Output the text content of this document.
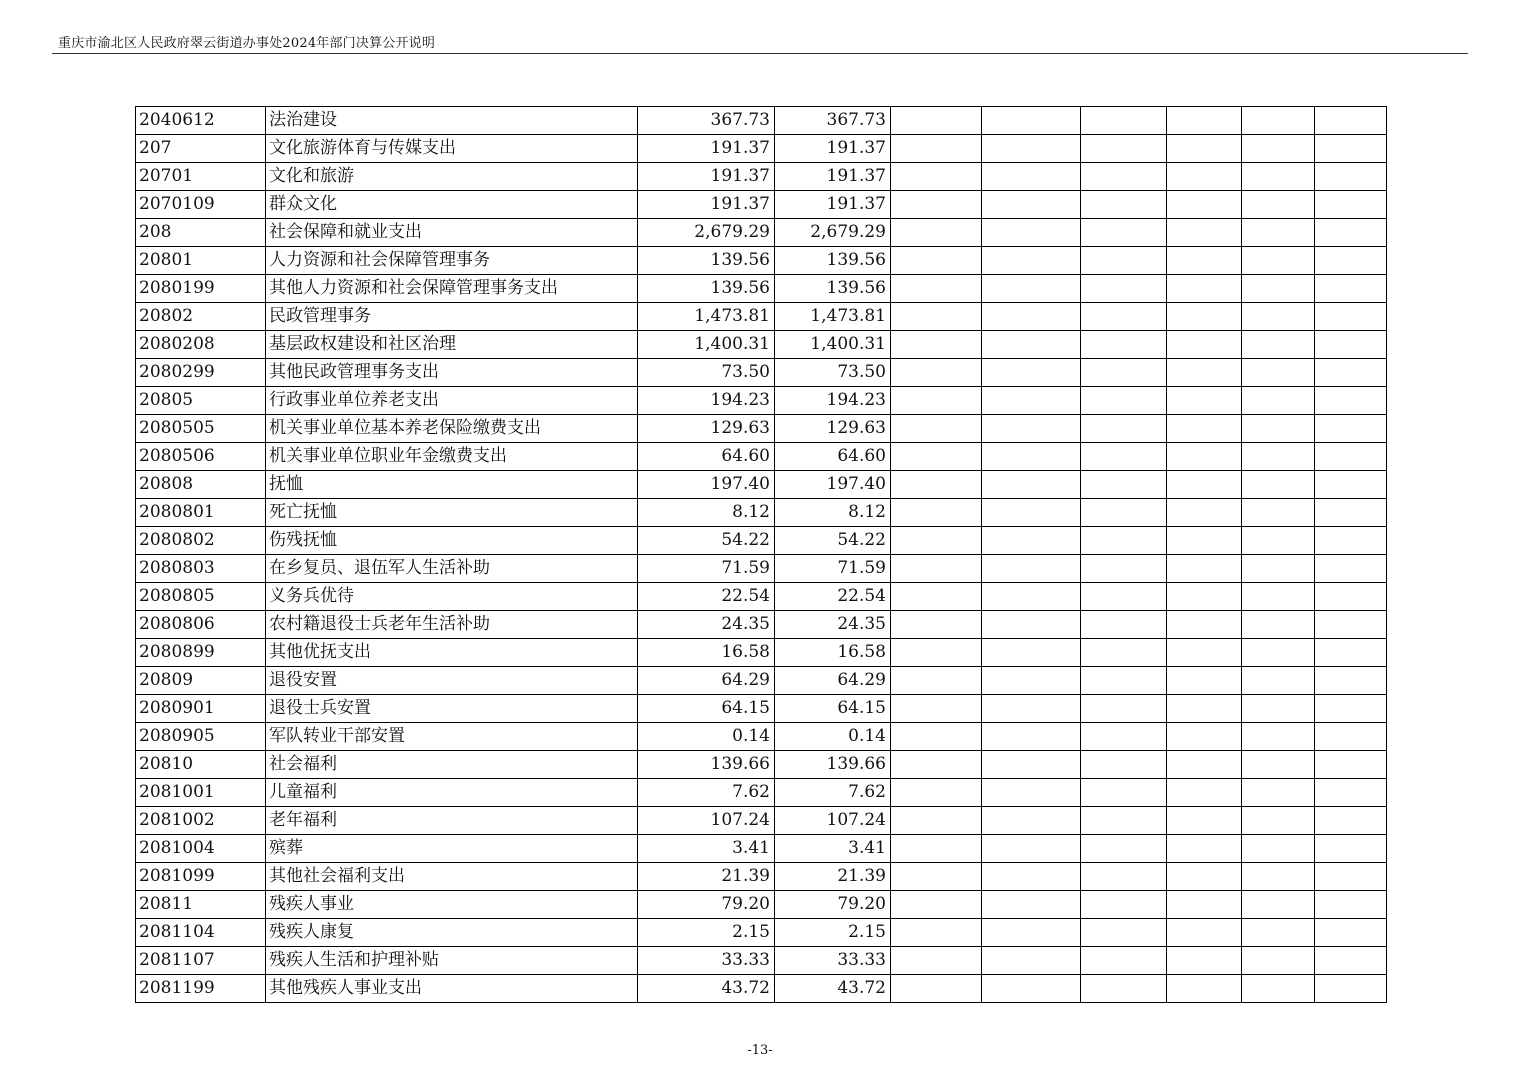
重庆市渝北区人民政府翠云街道办事处2024年部门决算公开说明
2040612	法治建设	367.73	367.73						
207	文化旅游体育与传媒支出	191.37	191.37						
20701	文化和旅游	191.37	191.37						
2070109	群众文化	191.37	191.37						
208	社会保障和就业支出	2,679.29	2,679.29						
20801	人力资源和社会保障管理事务	139.56	139.56						
2080199	其他人力资源和社会保障管理事务支出	139.56	139.56						
20802	民政管理事务	1,473.81	1,473.81						
2080208	基层政权建设和社区治理	1,400.31	1,400.31						
2080299	其他民政管理事务支出	73.50	73.50						
20805	行政事业单位养老支出	194.23	194.23						
2080505	机关事业单位基本养老保险缴费支出	129.63	129.63						
2080506	机关事业单位职业年金缴费支出	64.60	64.60						
20808	抚恤	197.40	197.40						
2080801	死亡抚恤	8.12	8.12						
2080802	伤残抚恤	54.22	54.22						
2080803	在乡复员、退伍军人生活补助	71.59	71.59						
2080805	义务兵优待	22.54	22.54						
2080806	农村籍退役士兵老年生活补助	24.35	24.35						
2080899	其他优抚支出	16.58	16.58						
20809	退役安置	64.29	64.29						
2080901	退役士兵安置	64.15	64.15						
2080905	军队转业干部安置	0.14	0.14						
20810	社会福利	139.66	139.66						
2081001	儿童福利	7.62	7.62						
2081002	老年福利	107.24	107.24						
2081004	殡葬	3.41	3.41						
2081099	其他社会福利支出	21.39	21.39						
20811	残疾人事业	79.20	79.20						
2081104	残疾人康复	2.15	2.15						
2081107	残疾人生活和护理补贴	33.33	33.33						
2081199	其他残疾人事业支出	43.72	43.72						
-13-
